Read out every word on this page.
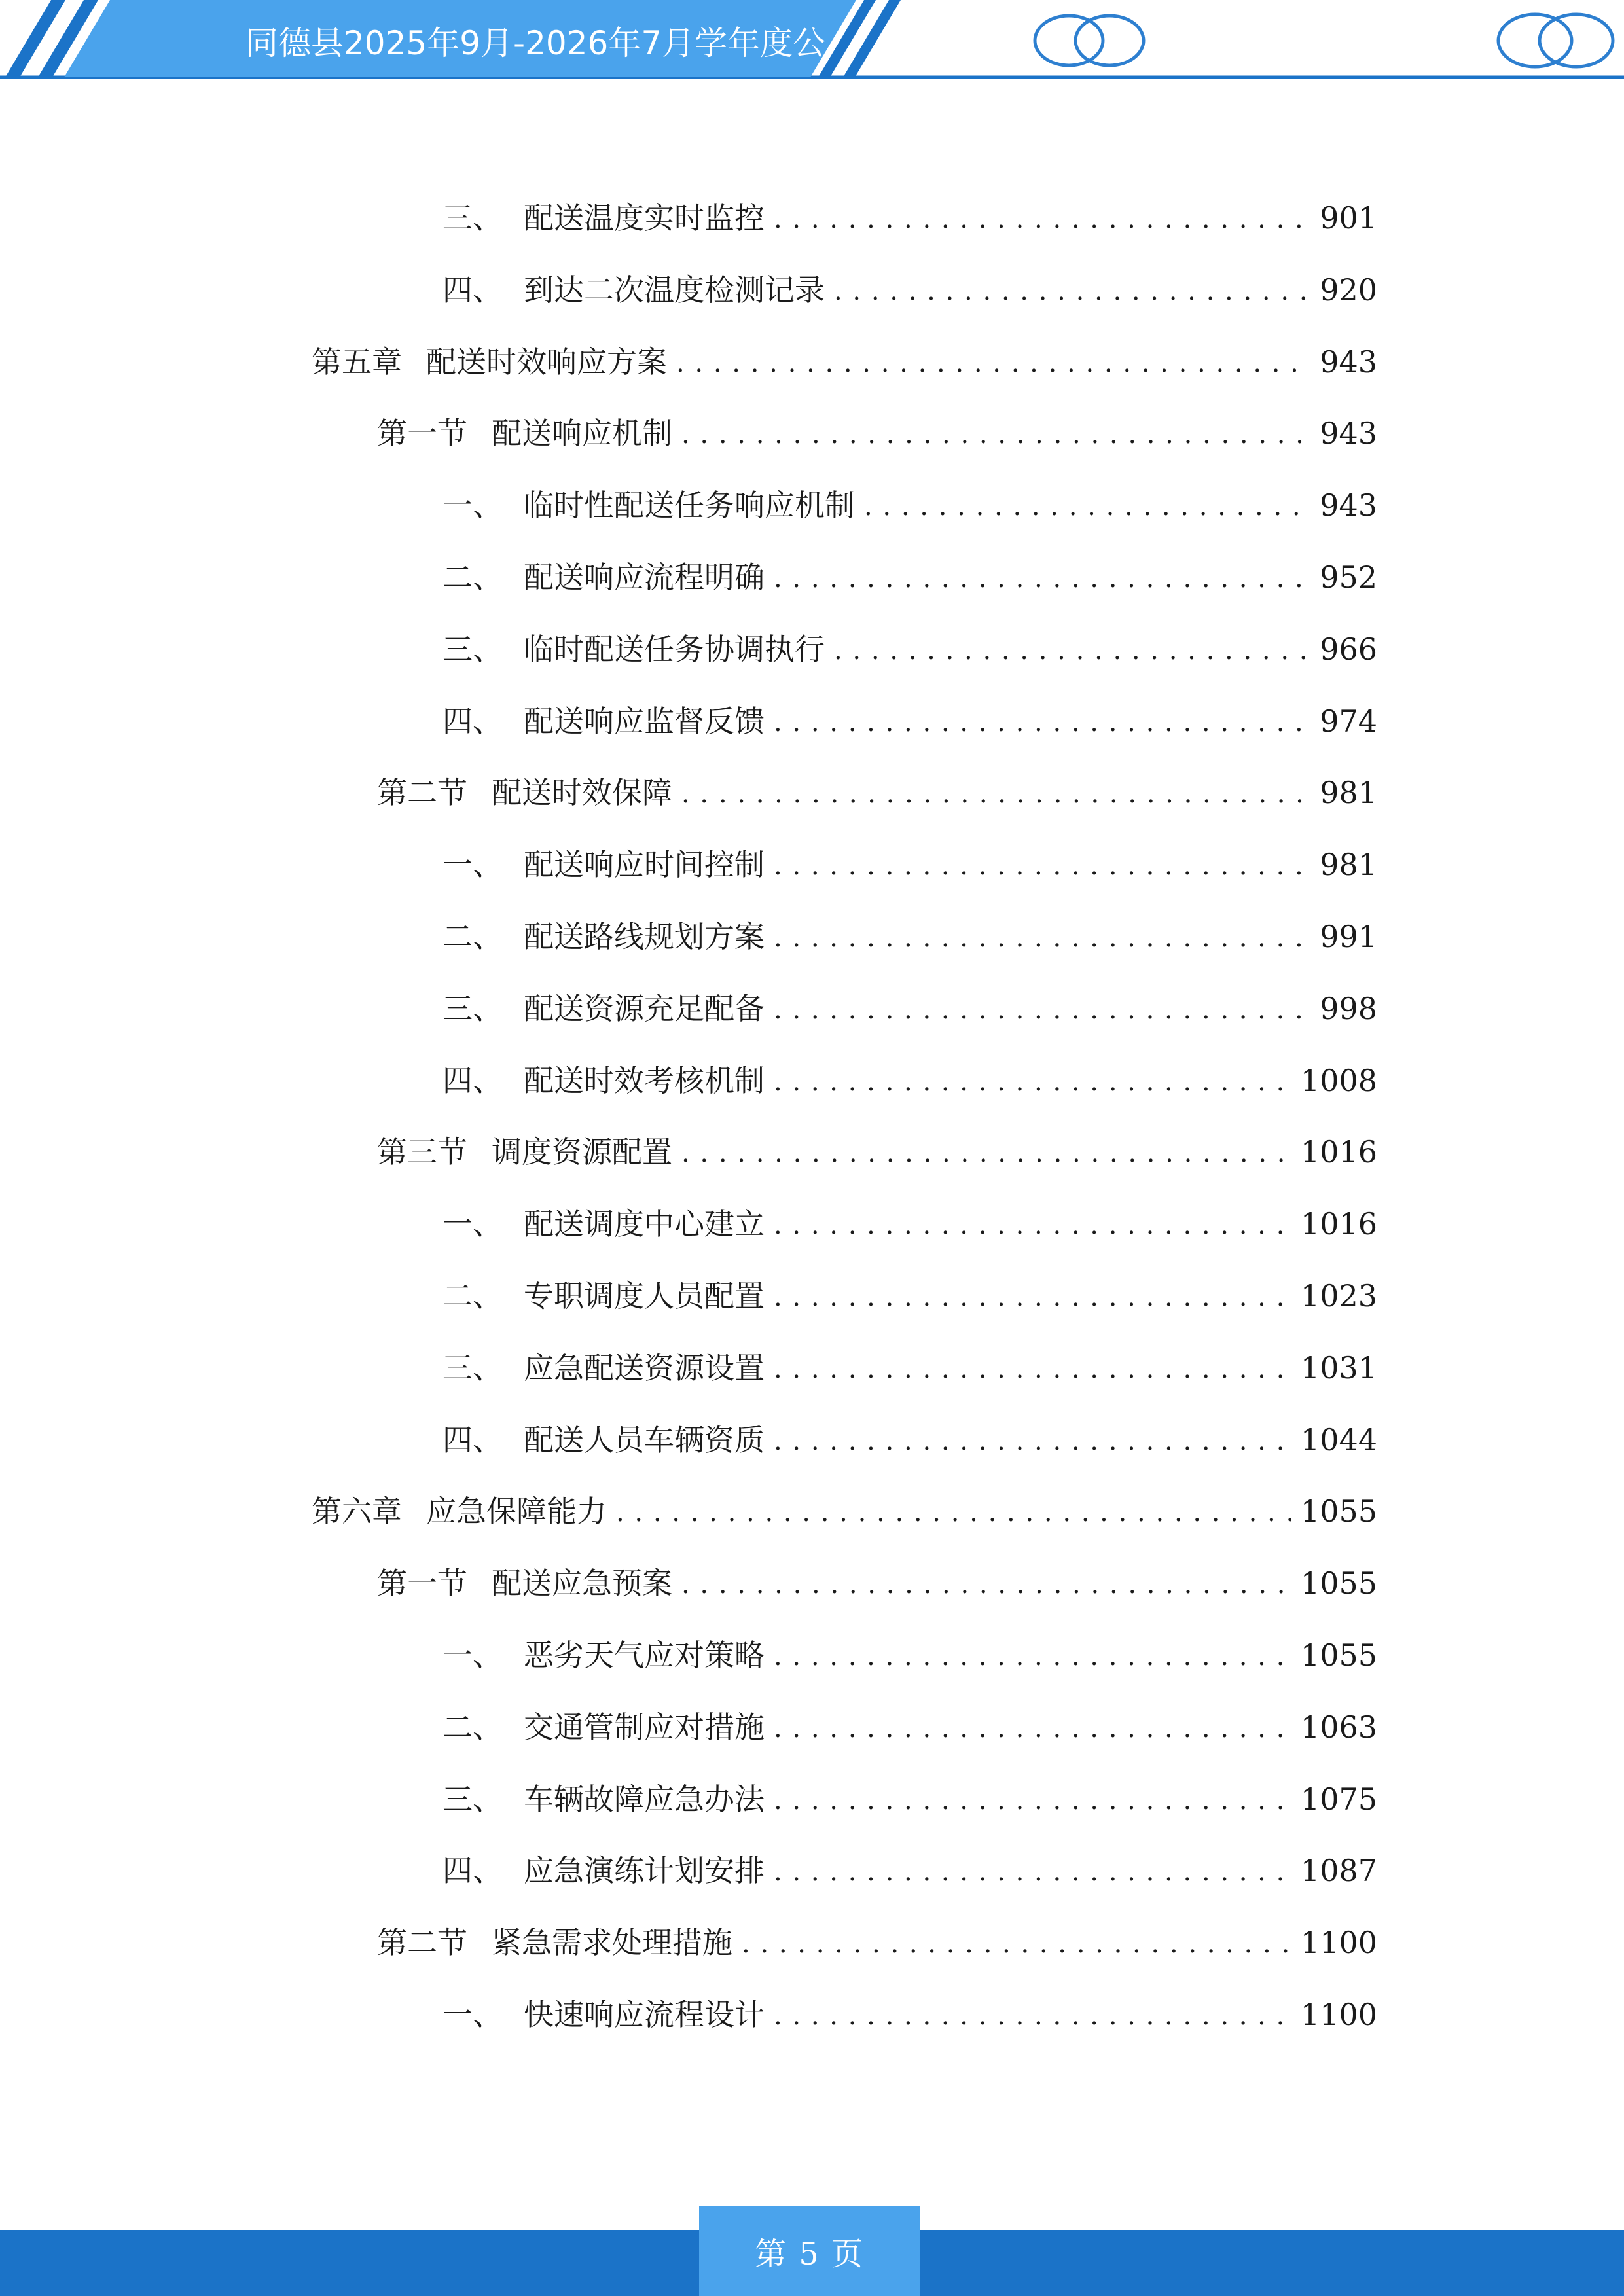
同德县2025年9月-2026年7月学年度公
三、 配送温度实时监控 . . .	901
四、 到达二次温度检测记录 . . .	920
第五章 配送时效响应方案 . . .	943
第一节 配送响应机制 . . .	943
一、 临时性配送任务响应机制 . . .	943
二、 配送响应流程明确 . . .	952
三、 临时配送任务协调执行 . . .	966
四、 配送响应监督反馈 . . .	974
第二节 配送时效保障 . . .	981
一、 配送响应时间控制 . . .	981
二、 配送路线规划方案 . . .	991
三、 配送资源充足配备 . . .	998
四、 配送时效考核机制 . . .	1008
第三节 调度资源配置 . . .	1016
一、 配送调度中心建立 . . .	1016
二、 专职调度人员配置 . . .	1023
三、 应急配送资源设置 . . .	1031
四、 配送人员车辆资质 . . .	1044
第六章 应急保障能力 . . .	1055
第一节 配送应急预案 . . .	1055
一、 恶劣天气应对策略 . . .	1055
二、 交通管制应对措施 . . .	1063
三、 车辆故障应急办法 . . .	1075
四、 应急演练计划安排 . . .	1087
第二节 紧急需求处理措施 . . .	1100
一、 快速响应流程设计 . . .	1100
第 5 页
